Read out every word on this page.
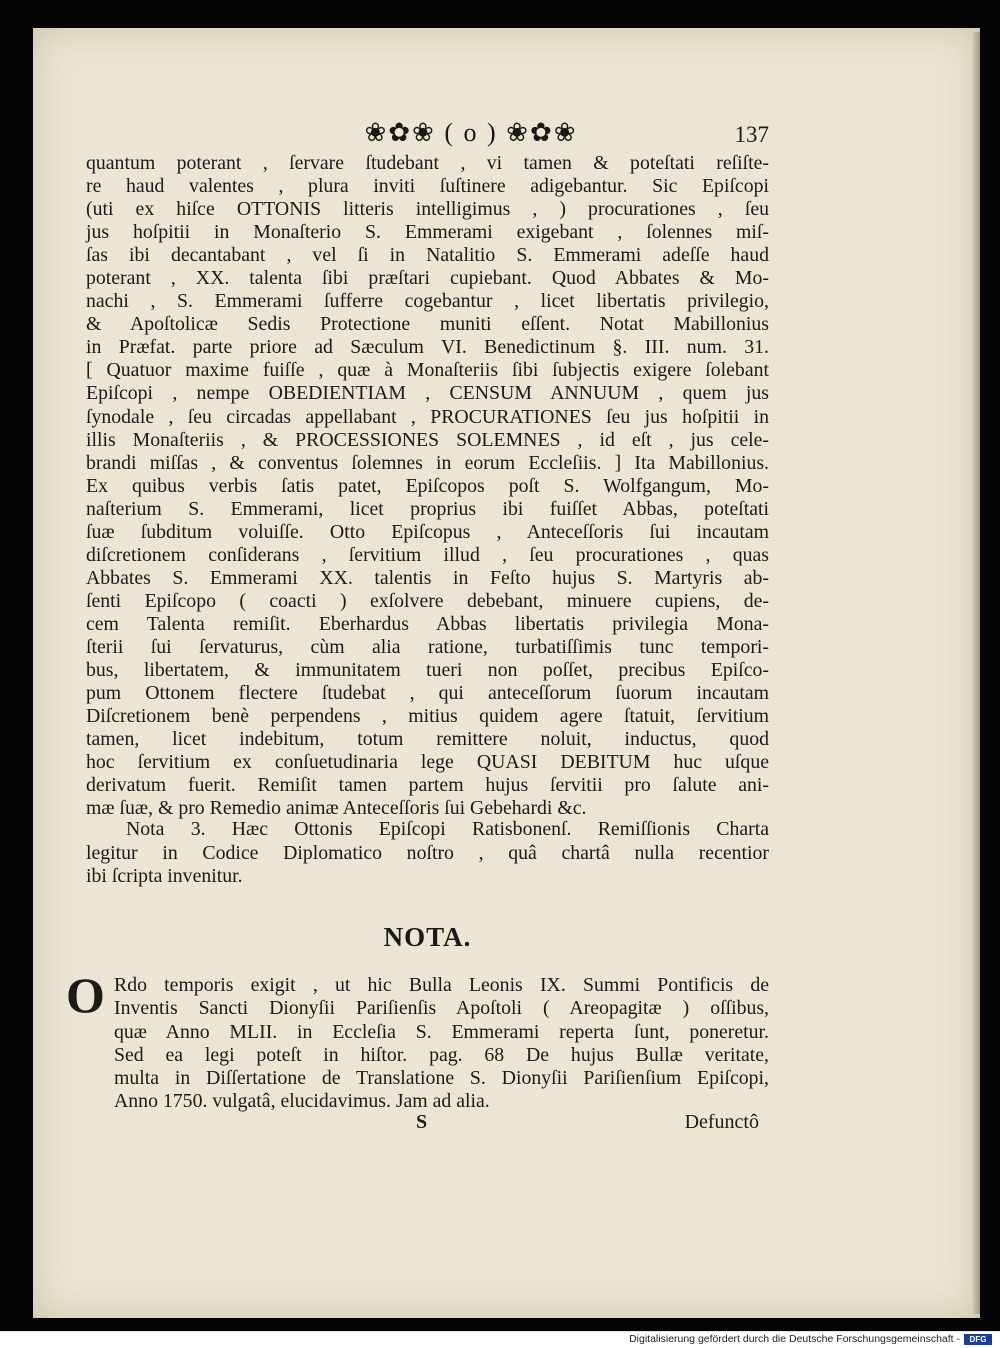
❀✿❀ ( o ) ❀✿❀	137
quantum poterant , ſervare ſtudebant , vi tamen & poteſtati reſiſte-
re haud valentes , plura inviti ſuſtinere adigebantur. Sic Epiſcopi
(uti ex hiſce OTTONIS litteris intelligimus , ) procurationes , ſeu
jus hoſpitii in Monaſterio S. Emmerami exigebant , ſolennes miſ-
ſas ibi decantabant , vel ſi in Natalitio S. Emmerami adeſſe haud
poterant , XX. talenta ſibi præſtari cupiebant. Quod Abbates & Mo-
nachi , S. Emmerami ſufferre cogebantur , licet libertatis privilegio,
& Apoſtolicæ Sedis Protectione muniti eſſent. Notat Mabillonius
in Præfat. parte priore ad Sæculum VI. Benedictinum §. III. num. 31.
[ Quatuor maxime fuiſſe , quæ à Monaſteriis ſibi ſubjectis exigere ſolebant
Epiſcopi , nempe OBEDIENTIAM , CENSUM ANNUUM , quem jus
ſynodale , ſeu circadas appellabant , PROCURATIONES ſeu jus hoſpitii in
illis Monaſteriis , & PROCESSIONES SOLEMNES , id eſt , jus cele-
brandi miſſas , & conventus ſolemnes in eorum Eccleſiis. ] Ita Mabillonius.
Ex quibus verbis ſatis patet, Epiſcopos poſt S. Wolfgangum, Mo-
naſterium S. Emmerami, licet proprius ibi fuiſſet Abbas, poteſtati
ſuæ ſubditum voluiſſe. Otto Epiſcopus , Anteceſſoris ſui incautam
diſcretionem conſiderans , ſervitium illud , ſeu procurationes , quas
Abbates S. Emmerami XX. talentis in Feſto hujus S. Martyris ab-
ſenti Epiſcopo ( coacti ) exſolvere debebant, minuere cupiens, de-
cem Talenta remiſit. Eberhardus Abbas libertatis privilegia Mona-
ſterii ſui ſervaturus, cùm alia ratione, turbatiſſimis tunc tempori-
bus, libertatem, & immunitatem tueri non poſſet, precibus Epiſco-
pum Ottonem flectere ſtudebat , qui anteceſſorum ſuorum incautam
Diſcretionem benè perpendens , mitius quidem agere ſtatuit, ſervitium
tamen, licet indebitum, totum remittere noluit, inductus, quod
hoc ſervitium ex conſuetudinaria lege QUASI DEBITUM huc uſque
derivatum fuerit. Remiſit tamen partem hujus ſervitii pro ſalute ani-
mæ ſuæ, & pro Remedio animæ Anteceſſoris ſui Gebehardi &c.
Nota 3. Hæc Ottonis Epiſcopi Ratisbonenſ. Remiſſionis Charta
legitur in Codice Diplomatico noſtro , quâ chartâ nulla recentior
ibi ſcripta invenitur.
NOTA.
O Rdo temporis exigit , ut hic Bulla Leonis IX. Summi Pontificis de
Inventis Sancti Dionyſii Pariſienſis Apoſtoli ( Areopagitæ ) oſſibus,
quæ Anno MLII. in Eccleſia S. Emmerami reperta ſunt, poneretur.
Sed ea legi poteſt in hiſtor. pag. 68 De hujus Bullæ veritate,
multa in Diſſertatione de Translatione S. Dionyſii Pariſienſium Epiſcopi,
Anno 1750. vulgatâ, elucidavimus. Jam ad alia.
S	Defunctô
Digitalisierung gefördert durch die Deutsche Forschungsgemeinschaft -	DFG
